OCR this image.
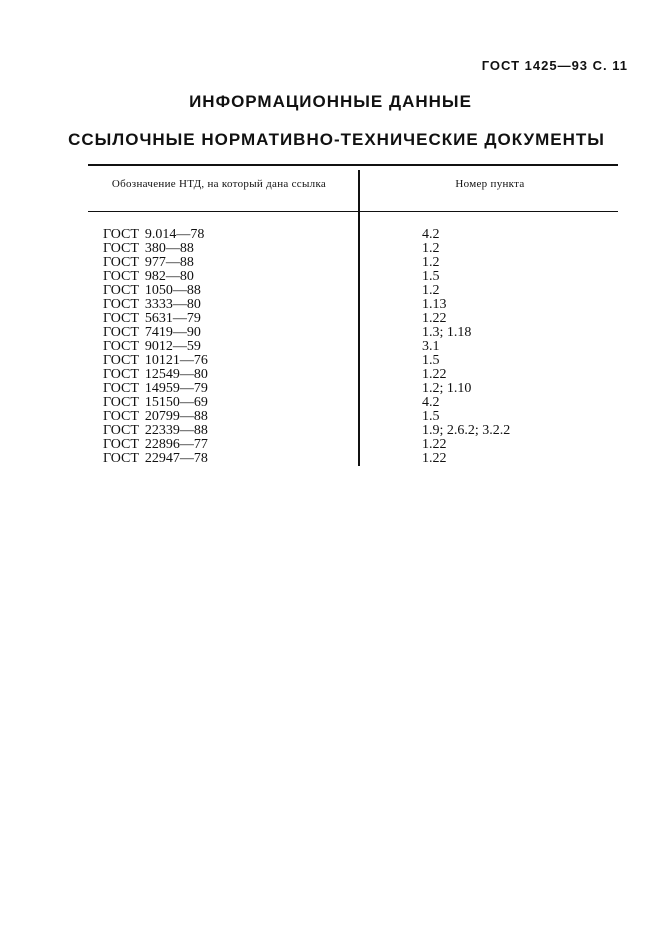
ГОСТ 1425—93 С. 11
ИНФОРМАЦИОННЫЕ ДАННЫЕ
ССЫЛОЧНЫЕ НОРМАТИВНО-ТЕХНИЧЕСКИЕ ДОКУМЕНТЫ
Обозначение НТД, на который дана ссылка	Номер пункта
ГОСТ 9.014—78	4.2
ГОСТ 380—88	1.2
ГОСТ 977—88	1.2
ГОСТ 982—80	1.5
ГОСТ 1050—88	1.2
ГОСТ 3333—80	1.13
ГОСТ 5631—79	1.22
ГОСТ 7419—90	1.3; 1.18
ГОСТ 9012—59	3.1
ГОСТ 10121—76	1.5
ГОСТ 12549—80	1.22
ГОСТ 14959—79	1.2; 1.10
ГОСТ 15150—69	4.2
ГОСТ 20799—88	1.5
ГОСТ 22339—88	1.9; 2.6.2; 3.2.2
ГОСТ 22896—77	1.22
ГОСТ 22947—78	1.22
